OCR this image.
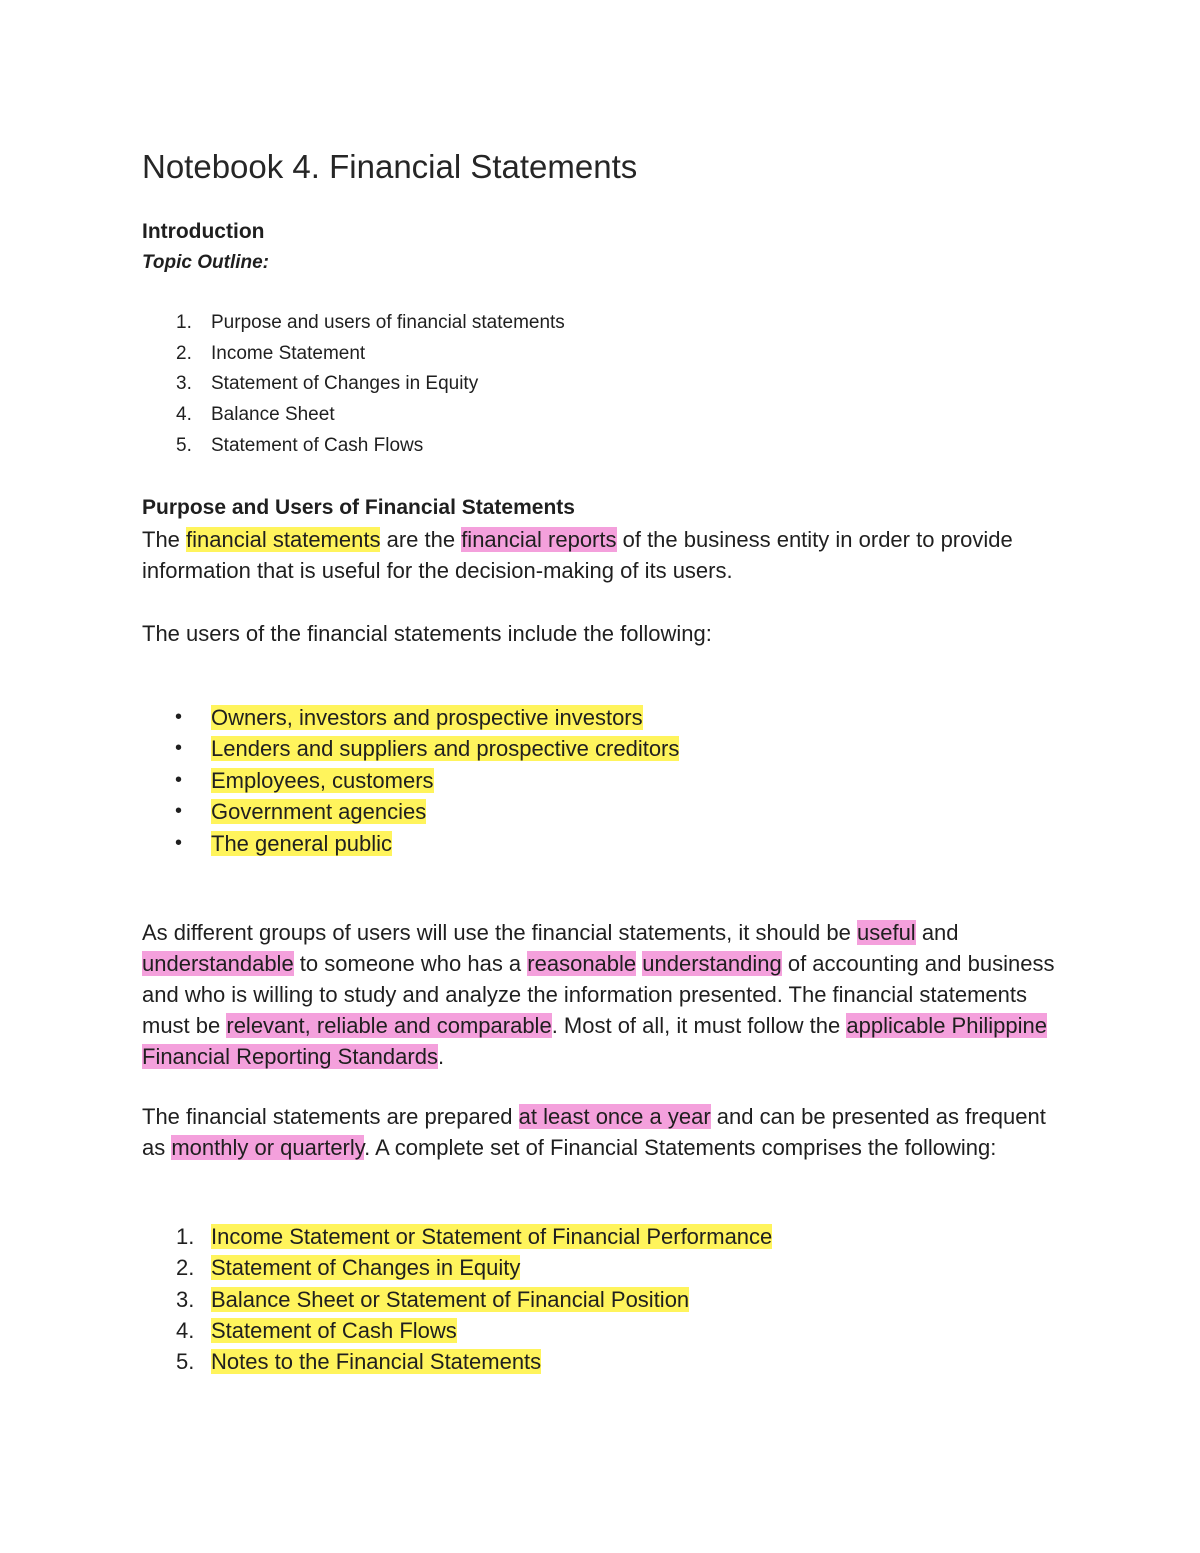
Notebook 4. Financial Statements
Introduction
Topic Outline:
1. Purpose and users of financial statements
2. Income Statement
3. Statement of Changes in Equity
4. Balance Sheet
5. Statement of Cash Flows
Purpose and Users of Financial Statements

The financial statements are the financial reports of the business entity in order to provide information that is useful for the decision-making of its users.

The users of the financial statements include the following:

• Owners, investors and prospective investors
• Lenders and suppliers and prospective creditors
• Employees, customers
• Government agencies
• The general public

As different groups of users will use the financial statements, it should be useful and understandable to someone who has a reasonable understanding of accounting and business and who is willing to study and analyze the information presented. The financial statements must be relevant, reliable and comparable. Most of all, it must follow the applicable Philippine Financial Reporting Standards.

The financial statements are prepared at least once a year and can be presented as frequent as monthly or quarterly. A complete set of Financial Statements comprises the following:

1. Income Statement or Statement of Financial Performance
2. Statement of Changes in Equity
3. Balance Sheet or Statement of Financial Position
4. Statement of Cash Flows
5. Notes to the Financial Statements
